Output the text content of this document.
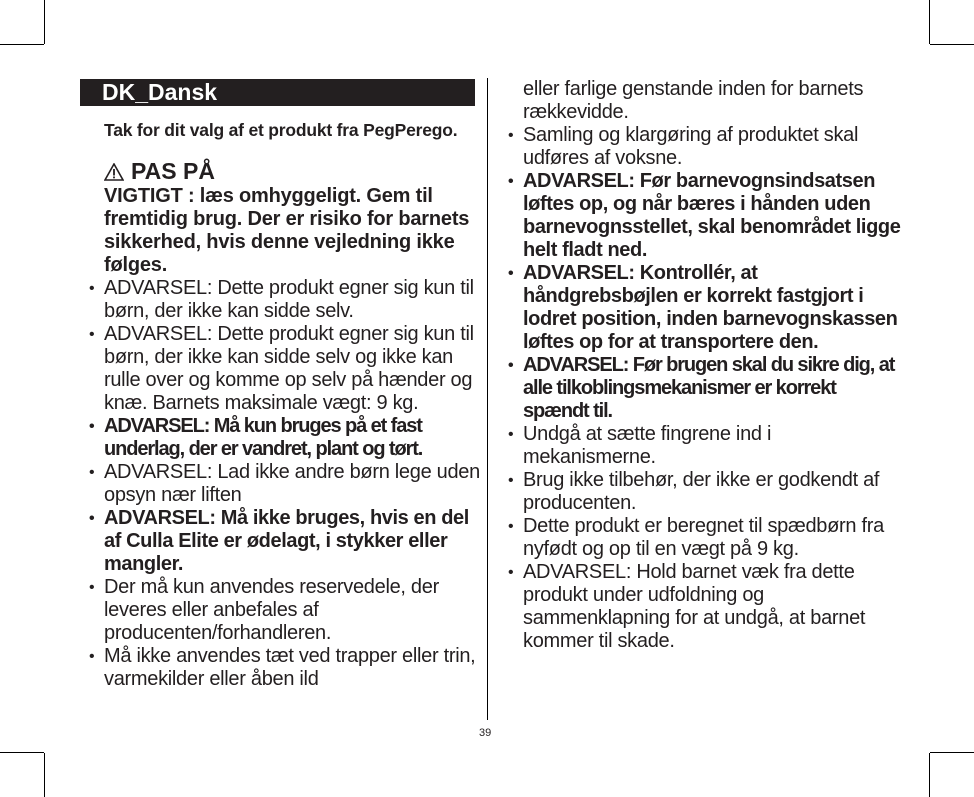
DK_Dansk

Tak for dit valg af et produkt fra PegPerego.

PAS PÅ

VIGTIGT : læs omhyggeligt. Gem til fremtidig brug. Der er risiko for barnets sikkerhed, hvis denne vejledning ikke følges.

• ADVARSEL: Dette produkt egner sig kun til børn, der ikke kan sidde selv.
• ADVARSEL: Dette produkt egner sig kun til børn, der ikke kan sidde selv og ikke kan rulle over og komme op selv på hænder og knæ. Barnets maksimale vægt: 9 kg.
• ADVARSEL: Må kun bruges på et fast underlag, der er vandret, plant og tørt.
• ADVARSEL: Lad ikke andre børn lege uden opsyn nær liften
• ADVARSEL: Må ikke bruges, hvis en del af Culla Elite er ødelagt, i stykker eller mangler.
• Der må kun anvendes reservedele, der leveres eller anbefales af producenten/forhandleren.
• Må ikke anvendes tæt ved trapper eller trin, varmekilder eller åben ild
eller farlige genstande inden for barnets rækkevidde.
• Samling og klargøring af produktet skal udføres af voksne.
• ADVARSEL: Før barnevognsindsatsen løftes op, og når bæres i hånden uden barnevognsstellet, skal benområdet ligge helt fladt ned.
• ADVARSEL: Kontrollér, at håndgrebsbøjlen er korrekt fastgjort i lodret position, inden barnevognskassen løftes op for at transportere den.
• ADVARSEL: Før brugen skal du sikre dig, at alle tilkoblingsmekanismer er korrekt spændt til.
• Undgå at sætte fingrene ind i mekanismerne.
• Brug ikke tilbehør, der ikke er godkendt af producenten.
• Dette produkt er beregnet til spædbørn fra nyfødt og op til en vægt på 9 kg.
• ADVARSEL: Hold barnet væk fra dette produkt under udfoldning og sammenklapning for at undgå, at barnet kommer til skade.
39
